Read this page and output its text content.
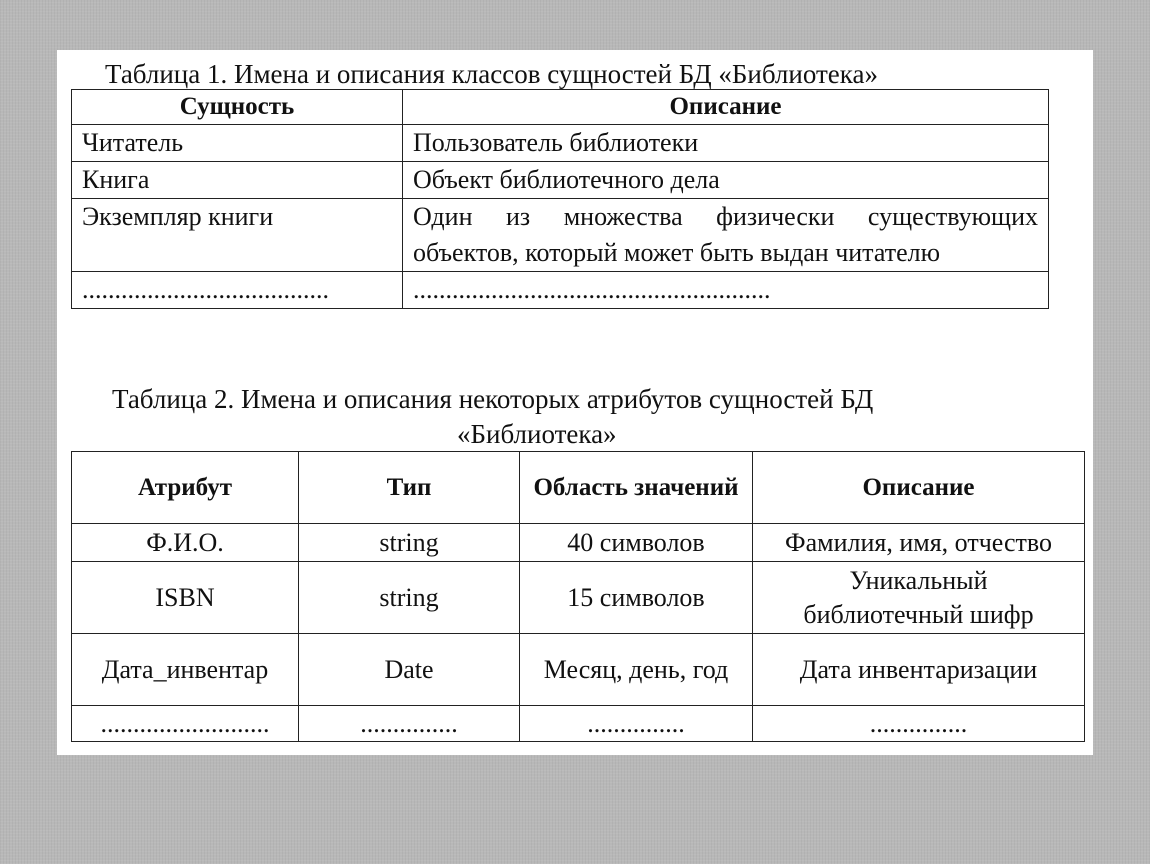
Таблица 1. Имена и описания классов сущностей БД «Библиотека»
Сущность	Описание
Читатель	Пользователь библиотеки
Книга	Объект библиотечного дела
Экземпляр книги	Один из множества физически существующих объектов, который может быть выдан читателю
......................................	.......................................................
Таблица 2. Имена и описания некоторых атрибутов сущностей БД
«Библиотека»
Атрибут	Тип	Область значений	Описание
Ф.И.О.	string	40 символов	Фамилия, имя, отчество
ISBN	string	15 символов	Уникальный библиотечный шифр
Дата_инвентар	Date	Месяц, день, год	Дата инвентаризации
..........................	...............	...............	...............
